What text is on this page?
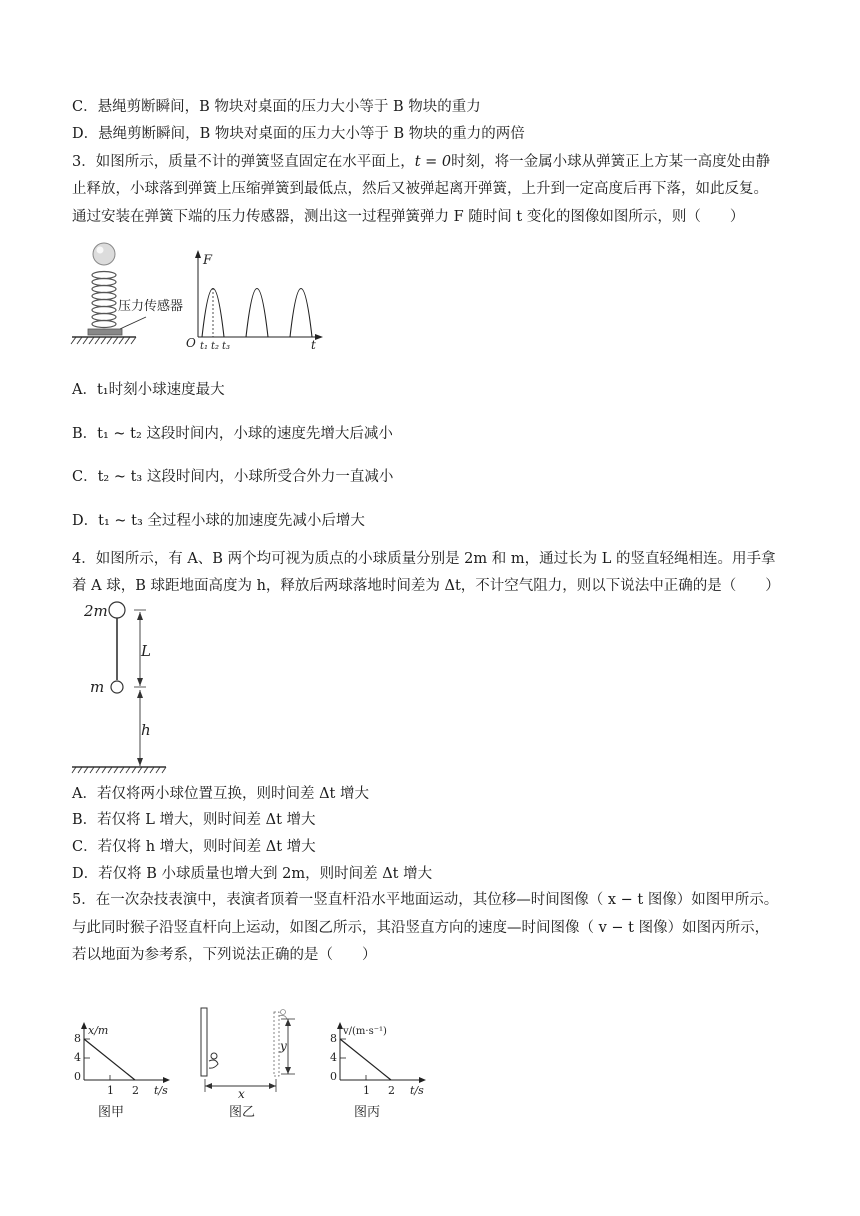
C．悬绳剪断瞬间，B 物块对桌面的压力大小等于 B 物块的重力
D．悬绳剪断瞬间，B 物块对桌面的压力大小等于 B 物块的重力的两倍
3．如图所示，质量不计的弹簧竖直固定在水平面上，t = 0时刻，将一金属小球从弹簧正上方某一高度处由静
止释放，小球落到弹簧上压缩弹簧到最低点，然后又被弹起离开弹簧，上升到一定高度后再下落，如此反复。
通过安装在弹簧下端的压力传感器，测出这一过程弹簧弹力 F 随时间 t 变化的图像如图所示，则（　　）
压力传感器
F
O	t
t₁ t₂ t₃
A．t₁时刻小球速度最大
B．t₁ ~ t₂ 这段时间内，小球的速度先增大后减小
C．t₂ ~ t₃ 这段时间内，小球所受合外力一直减小
D．t₁ ~ t₃ 全过程小球的加速度先减小后增大
4．如图所示，有 A、B 两个均可视为质点的小球质量分别是 2m 和 m，通过长为 L 的竖直轻绳相连。用手拿
着 A 球，B 球距地面高度为 h，释放后两球落地时间差为 Δt，不计空气阻力，则以下说法中正确的是（　　）
2m
m
L
h
A．若仅将两小球位置互换，则时间差 Δt 增大
B．若仅将 L 增大，则时间差 Δt 增大
C．若仅将 h 增大，则时间差 Δt 增大
D．若仅将 B 小球质量也增大到 2m，则时间差 Δt 增大
5．在一次杂技表演中，表演者顶着一竖直杆沿水平地面运动，其位移—时间图像（ x − t 图像）如图甲所示。
与此同时猴子沿竖直杆向上运动，如图乙所示，其沿竖直方向的速度—时间图像（ v − t 图像）如图丙所示，
若以地面为参考系，下列说法正确的是（　　）
x/m
t/s
8
4
0
1 2
图甲
y
x
图乙
v/(m·s⁻¹)
t/s
8
4
0
1 2
图丙
